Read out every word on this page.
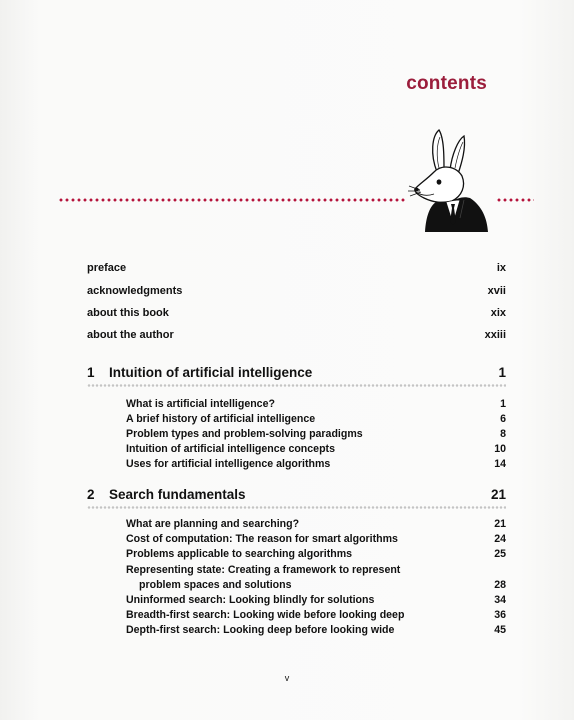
contents
preface	ix
acknowledgments	xvii
about this book	xix
about the author	xxiii
1	Intuition of artificial intelligence	1
What is artificial intelligence?	1
A brief history of artificial intelligence	6
Problem types and problem-solving paradigms	8
Intuition of artificial intelligence concepts	10
Uses for artificial intelligence algorithms	14
2	Search fundamentals	21
What are planning and searching?	21
Cost of computation: The reason for smart algorithms	24
Problems applicable to searching algorithms	25
Representing state: Creating a framework to represent
problem spaces and solutions	28
Uninformed search: Looking blindly for solutions	34
Breadth-first search: Looking wide before looking deep	36
Depth-first search: Looking deep before looking wide	45
v
